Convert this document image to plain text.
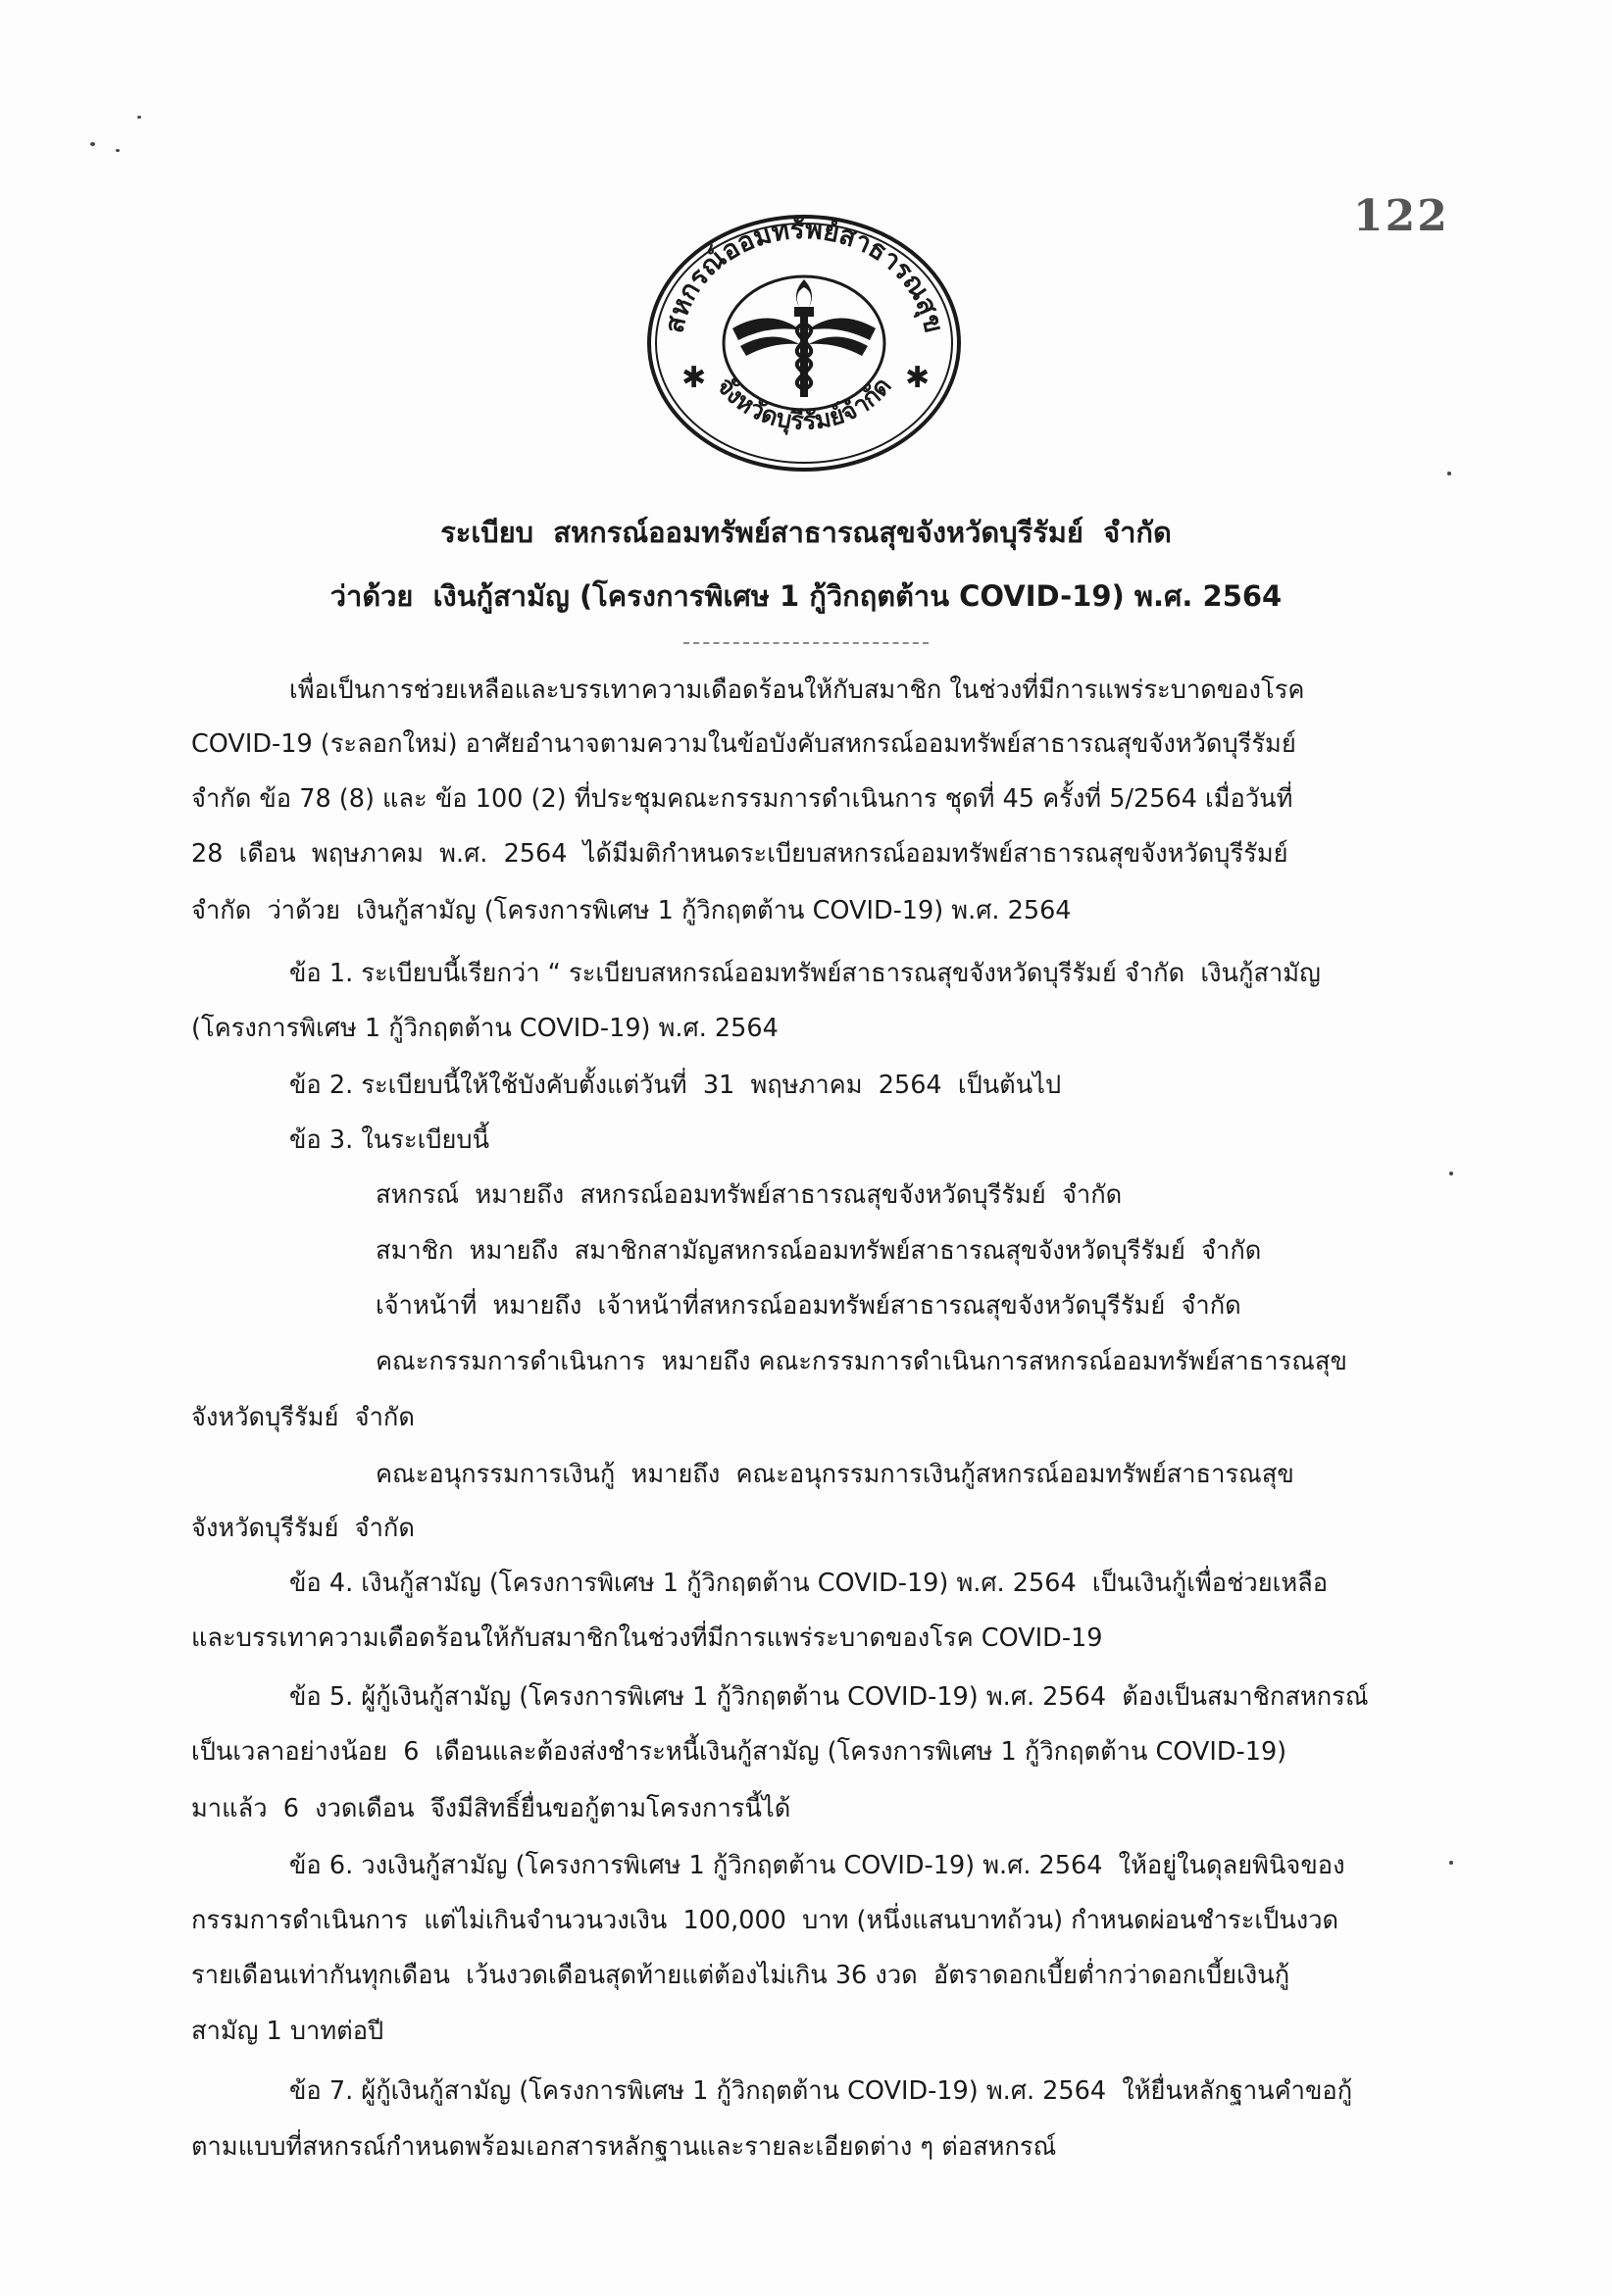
122
สหกรณ์ออมทรัพย์สาธารณสุข
จังหวัดบุรีรัมย์จำกัด
✱	✱
ระเบียบ  สหกรณ์ออมทรัพย์สาธารณสุขจังหวัดบุรีรัมย์  จำกัด
ว่าด้วย  เงินกู้สามัญ (โครงการพิเศษ 1 กู้วิกฤตต้าน COVID-19) พ.ศ. 2564
เพื่อเป็นการช่วยเหลือและบรรเทาความเดือดร้อนให้กับสมาชิก ในช่วงที่มีการแพร่ระบาดของโรค
COVID-19 (ระลอกใหม่) อาศัยอำนาจตามความในข้อบังคับสหกรณ์ออมทรัพย์สาธารณสุขจังหวัดบุรีรัมย์
จำกัด ข้อ 78 (8) และ ข้อ 100 (2) ที่ประชุมคณะกรรมการดำเนินการ ชุดที่ 45 ครั้งที่ 5/2564 เมื่อวันที่
28  เดือน  พฤษภาคม  พ.ศ.  2564  ได้มีมติกำหนดระเบียบสหกรณ์ออมทรัพย์สาธารณสุขจังหวัดบุรีรัมย์
จำกัด  ว่าด้วย  เงินกู้สามัญ (โครงการพิเศษ 1 กู้วิกฤตต้าน COVID-19) พ.ศ. 2564
ข้อ 1. ระเบียบนี้เรียกว่า “ ระเบียบสหกรณ์ออมทรัพย์สาธารณสุขจังหวัดบุรีรัมย์ จำกัด  เงินกู้สามัญ
(โครงการพิเศษ 1 กู้วิกฤตต้าน COVID-19) พ.ศ. 2564
ข้อ 2. ระเบียบนี้ให้ใช้บังคับตั้งแต่วันที่  31  พฤษภาคม  2564  เป็นต้นไป
ข้อ 3. ในระเบียบนี้
สหกรณ์  หมายถึง  สหกรณ์ออมทรัพย์สาธารณสุขจังหวัดบุรีรัมย์  จำกัด
สมาชิก  หมายถึง  สมาชิกสามัญสหกรณ์ออมทรัพย์สาธารณสุขจังหวัดบุรีรัมย์  จำกัด
เจ้าหน้าที่  หมายถึง  เจ้าหน้าที่สหกรณ์ออมทรัพย์สาธารณสุขจังหวัดบุรีรัมย์  จำกัด
คณะกรรมการดำเนินการ  หมายถึง คณะกรรมการดำเนินการสหกรณ์ออมทรัพย์สาธารณสุข
จังหวัดบุรีรัมย์  จำกัด
คณะอนุกรรมการเงินกู้  หมายถึง  คณะอนุกรรมการเงินกู้สหกรณ์ออมทรัพย์สาธารณสุข
จังหวัดบุรีรัมย์  จำกัด
ข้อ 4. เงินกู้สามัญ (โครงการพิเศษ 1 กู้วิกฤตต้าน COVID-19) พ.ศ. 2564  เป็นเงินกู้เพื่อช่วยเหลือ
และบรรเทาความเดือดร้อนให้กับสมาชิกในช่วงที่มีการแพร่ระบาดของโรค COVID-19
ข้อ 5. ผู้กู้เงินกู้สามัญ (โครงการพิเศษ 1 กู้วิกฤตต้าน COVID-19) พ.ศ. 2564  ต้องเป็นสมาชิกสหกรณ์
เป็นเวลาอย่างน้อย  6  เดือนและต้องส่งชำระหนี้เงินกู้สามัญ (โครงการพิเศษ 1 กู้วิกฤตต้าน COVID-19)
มาแล้ว  6  งวดเดือน  จึงมีสิทธิ์ยื่นขอกู้ตามโครงการนี้ได้
ข้อ 6. วงเงินกู้สามัญ (โครงการพิเศษ 1 กู้วิกฤตต้าน COVID-19) พ.ศ. 2564  ให้อยู่ในดุลยพินิจของ
กรรมการดำเนินการ  แต่ไม่เกินจำนวนวงเงิน  100,000  บาท (หนึ่งแสนบาทถ้วน) กำหนดผ่อนชำระเป็นงวด
รายเดือนเท่ากันทุกเดือน  เว้นงวดเดือนสุดท้ายแต่ต้องไม่เกิน 36 งวด  อัตราดอกเบี้ยต่ำกว่าดอกเบี้ยเงินกู้
สามัญ 1 บาทต่อปี
ข้อ 7. ผู้กู้เงินกู้สามัญ (โครงการพิเศษ 1 กู้วิกฤตต้าน COVID-19) พ.ศ. 2564  ให้ยื่นหลักฐานคำขอกู้
ตามแบบที่สหกรณ์กำหนดพร้อมเอกสารหลักฐานและรายละเอียดต่าง ๆ ต่อสหกรณ์
